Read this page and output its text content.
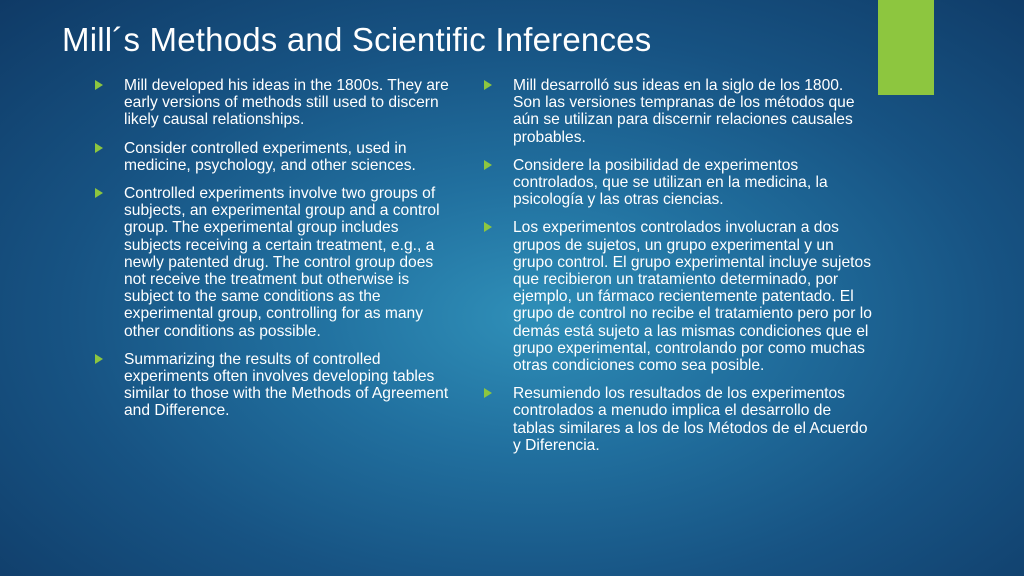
Mill´s Methods and Scientific Inferences
Mill developed his ideas in the 1800s. They are early versions of methods still used to discern likely causal relationships.
Consider controlled experiments, used in medicine, psychology, and other sciences.
Controlled experiments involve two groups of subjects, an experimental group and a control group. The experimental group includes subjects receiving a certain treatment, e.g., a newly patented drug. The control group does not receive the treatment but otherwise is subject to the same conditions as the experimental group, controlling for as many other conditions as possible.
Summarizing the results of controlled experiments often involves developing tables similar to those with the Methods of Agreement and Difference.
Mill desarrolló sus ideas en la siglo de los 1800. Son las versiones tempranas de los métodos que aún se utilizan para discernir relaciones causales probables.
Considere la posibilidad de experimentos controlados, que se utilizan en la medicina, la psicología y las otras ciencias.
Los experimentos controlados involucran a dos grupos de sujetos, un grupo experimental y un grupo control. El grupo experimental incluye sujetos que recibieron un tratamiento determinado, por ejemplo, un fármaco recientemente patentado. El grupo de control no recibe el tratamiento pero por lo demás está sujeto a las mismas condiciones que el grupo experimental, controlando por como muchas otras condiciones como sea posible.
Resumiendo los resultados de los experimentos controlados a menudo implica el desarrollo de tablas similares a los de los Métodos de el Acuerdo y Diferencia.
